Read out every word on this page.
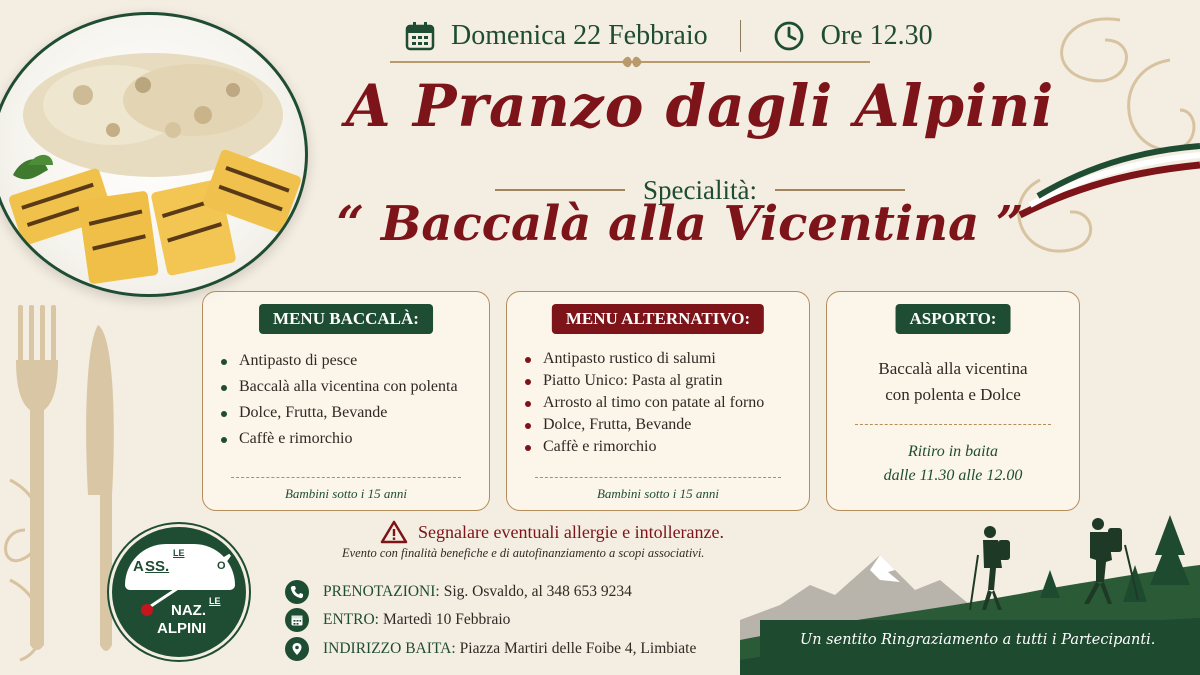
Domenica 22 Febbraio	Ore 12.30
A Pranzo dagli Alpini
Specialità:
“ Baccalà alla Vicentina ”
MENU BACCALÀ:
Antipasto di pesce
Baccalà alla vicentina con polenta
Dolce, Frutta, Bevande
Caffè e rimorchio
Bambini sotto i 15 anni
MENU ALTERNATIVO:
Antipasto rustico di salumi
Piatto Unico: Pasta al gratin
Arrosto al timo con patate al forno
Dolce, Frutta, Bevande
Caffè e rimorchio
Bambini sotto i 15 anni
ASPORTO:
Baccalà alla vicentina
con polenta e Dolce
Ritiro in baita
dalle 11.30 alle 12.00
Segnalare eventuali allergie e intolleranze.
Evento con finalità benefiche e di autofinanziamento a scopi associativi.
PRENOTAZIONI: Sig. Osvaldo, al 348 653 9234
ENTRO: Martedì 10 Febbraio
INDIRIZZO BAITA: Piazza Martiri delle Foibe 4, Limbiate
A SS.
LE
O
NAZ.
LE
ALPINI
Un sentito Ringraziamento a tutti i Partecipanti.
